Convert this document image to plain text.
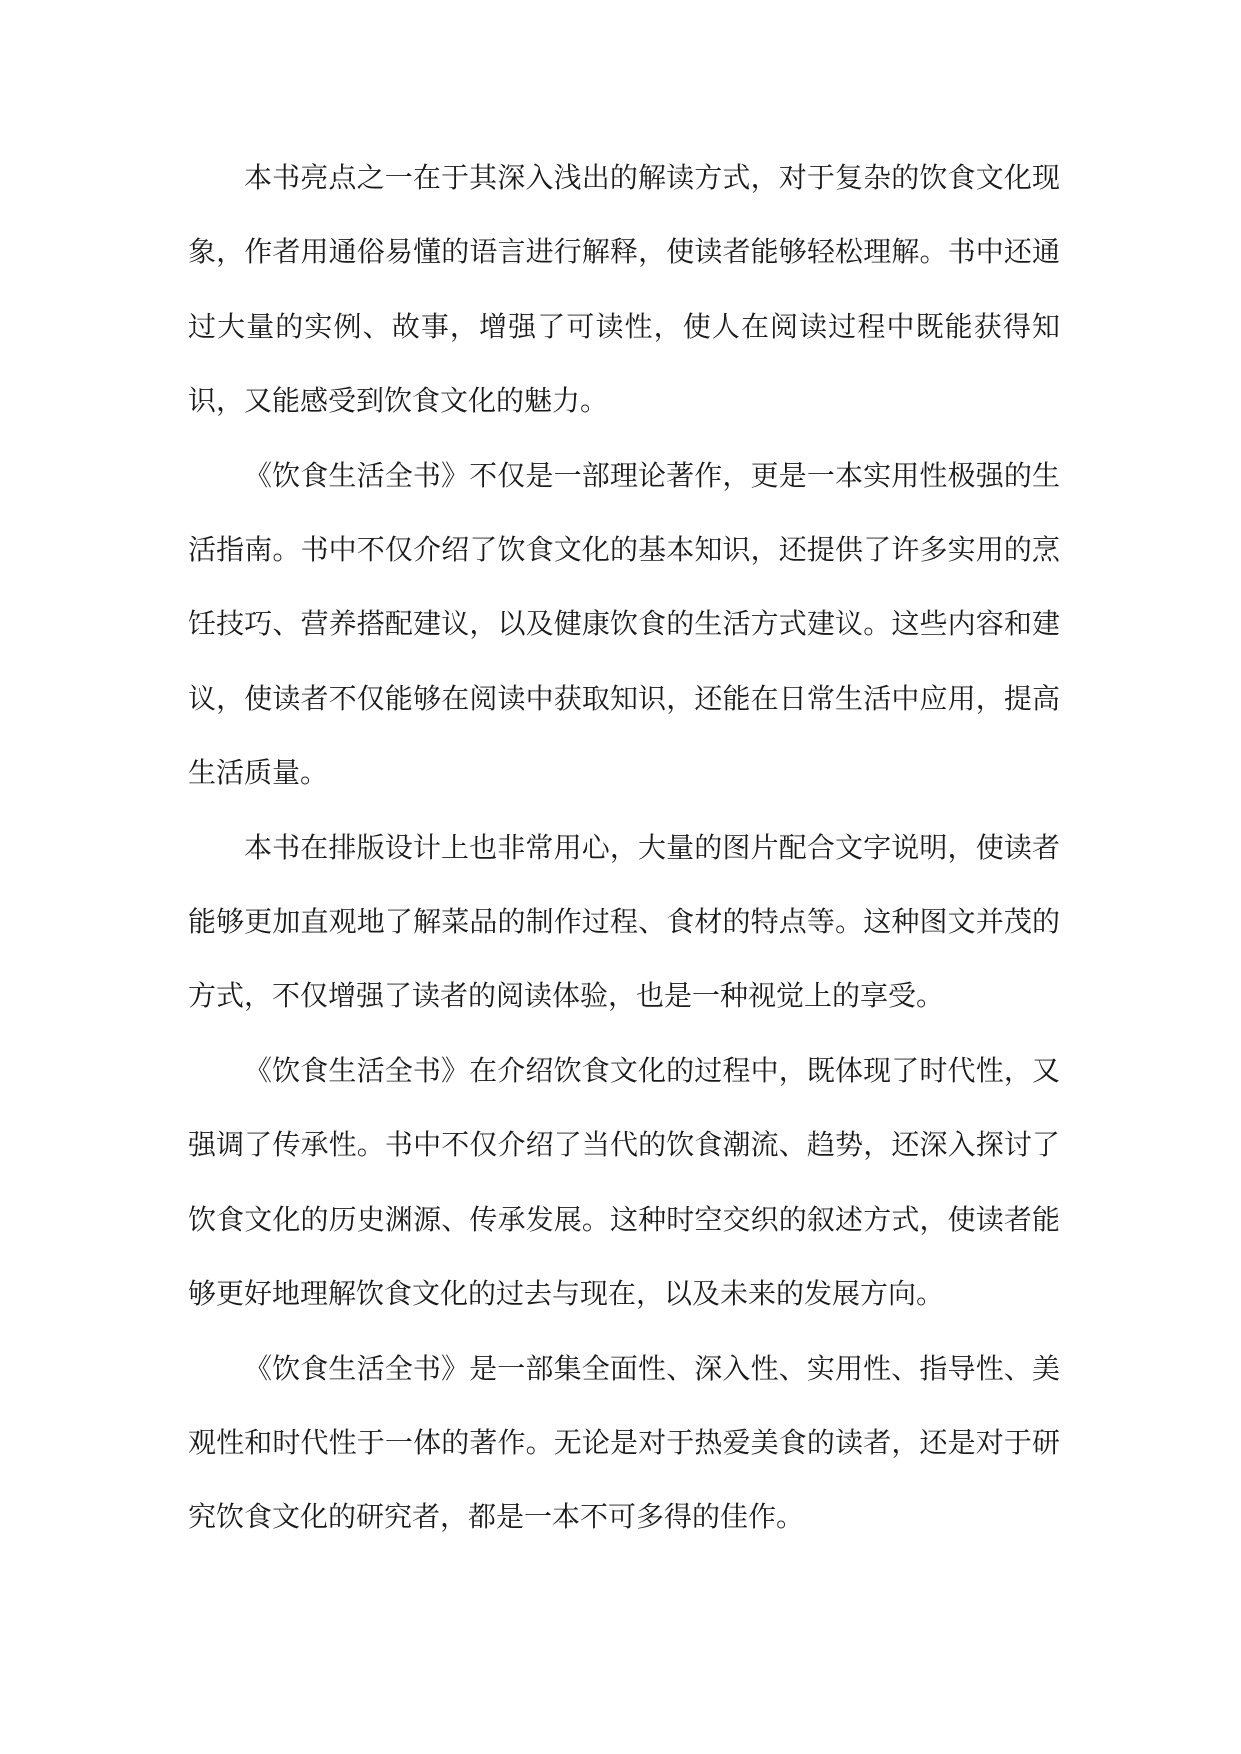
本书亮点之一在于其深入浅出的解读方式，对于复杂的饮食文化现象，作者用通俗易懂的语言进行解释，使读者能够轻松理解。书中还通过大量的实例、故事，增强了可读性，使人在阅读过程中既能获得知识，又能感受到饮食文化的魅力。

《饮食生活全书》不仅是一部理论著作，更是一本实用性极强的生活指南。书中不仅介绍了饮食文化的基本知识，还提供了许多实用的烹饪技巧、营养搭配建议，以及健康饮食的生活方式建议。这些内容和建议，使读者不仅能够在阅读中获取知识，还能在日常生活中应用，提高生活质量。

本书在排版设计上也非常用心，大量的图片配合文字说明，使读者能够更加直观地了解菜品的制作过程、食材的特点等。这种图文并茂的方式，不仅增强了读者的阅读体验，也是一种视觉上的享受。

《饮食生活全书》在介绍饮食文化的过程中，既体现了时代性，又强调了传承性。书中不仅介绍了当代的饮食潮流、趋势，还深入探讨了饮食文化的历史渊源、传承发展。这种时空交织的叙述方式，使读者能够更好地理解饮食文化的过去与现在，以及未来的发展方向。

《饮食生活全书》是一部集全面性、深入性、实用性、指导性、美观性和时代性于一体的著作。无论是对于热爱美食的读者，还是对于研究饮食文化的研究者，都是一本不可多得的佳作。
